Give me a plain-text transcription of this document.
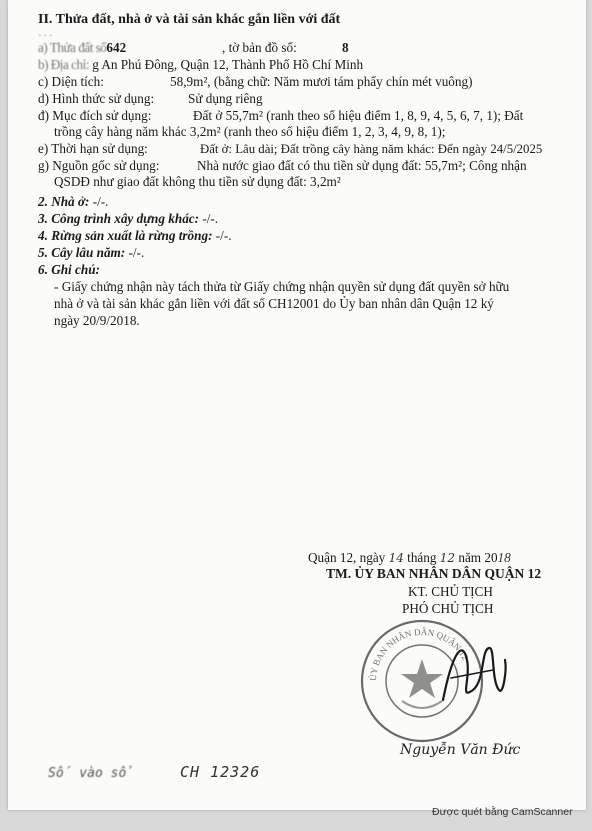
II. Thửa đất, nhà ở và tài sản khác gắn liền với đất
· · ·
a) Thửa đất số642	, tờ bản đồ số:	8
b) Địa chỉ: g An Phú Đông, Quận 12, Thành Phố Hồ Chí Minh
c) Diện tích:	58,9m², (bằng chữ: Năm mươi tám phẩy chín mét vuông)
d) Hình thức sử dụng:	Sử dụng riêng
đ) Mục đích sử dụng:	Đất ở 55,7m² (ranh theo số hiệu điểm 1, 8, 9, 4, 5, 6, 7, 1); Đất
trồng cây hàng năm khác 3,2m² (ranh theo số hiệu điểm 1, 2, 3, 4, 9, 8, 1);
e) Thời hạn sử dụng:	Đất ở: Lâu dài; Đất trồng cây hàng năm khác: Đến ngày 24/5/2025
g) Nguồn gốc sử dụng:	Nhà nước giao đất có thu tiền sử dụng đất: 55,7m²; Công nhận
QSDĐ như giao đất không thu tiền sử dụng đất: 3,2m²
2. Nhà ở: -/-.
3. Công trình xây dựng khác: -/-.
4. Rừng sản xuất là rừng trồng: -/-.
5. Cây lâu năm: -/-.
6. Ghi chú:
- Giấy chứng nhận này tách thửa từ Giấy chứng nhận quyền sử dụng đất quyền sở hữu
nhà ở và tài sản khác gắn liền với đất số CH12001 do Ủy ban nhân dân Quận 12 ký
ngày 20/9/2018.
Quận 12, ngày 14 tháng 12 năm 2018
TM. ỦY BAN NHÂN DÂN QUẬN 12
KT. CHỦ TỊCH
PHÓ CHỦ TỊCH
ỦY BAN NHÂN DÂN QUẬN 12
Nguyễn Văn Đức
Số vào sổ	CH 12326
Được quét bằng CamScanner
